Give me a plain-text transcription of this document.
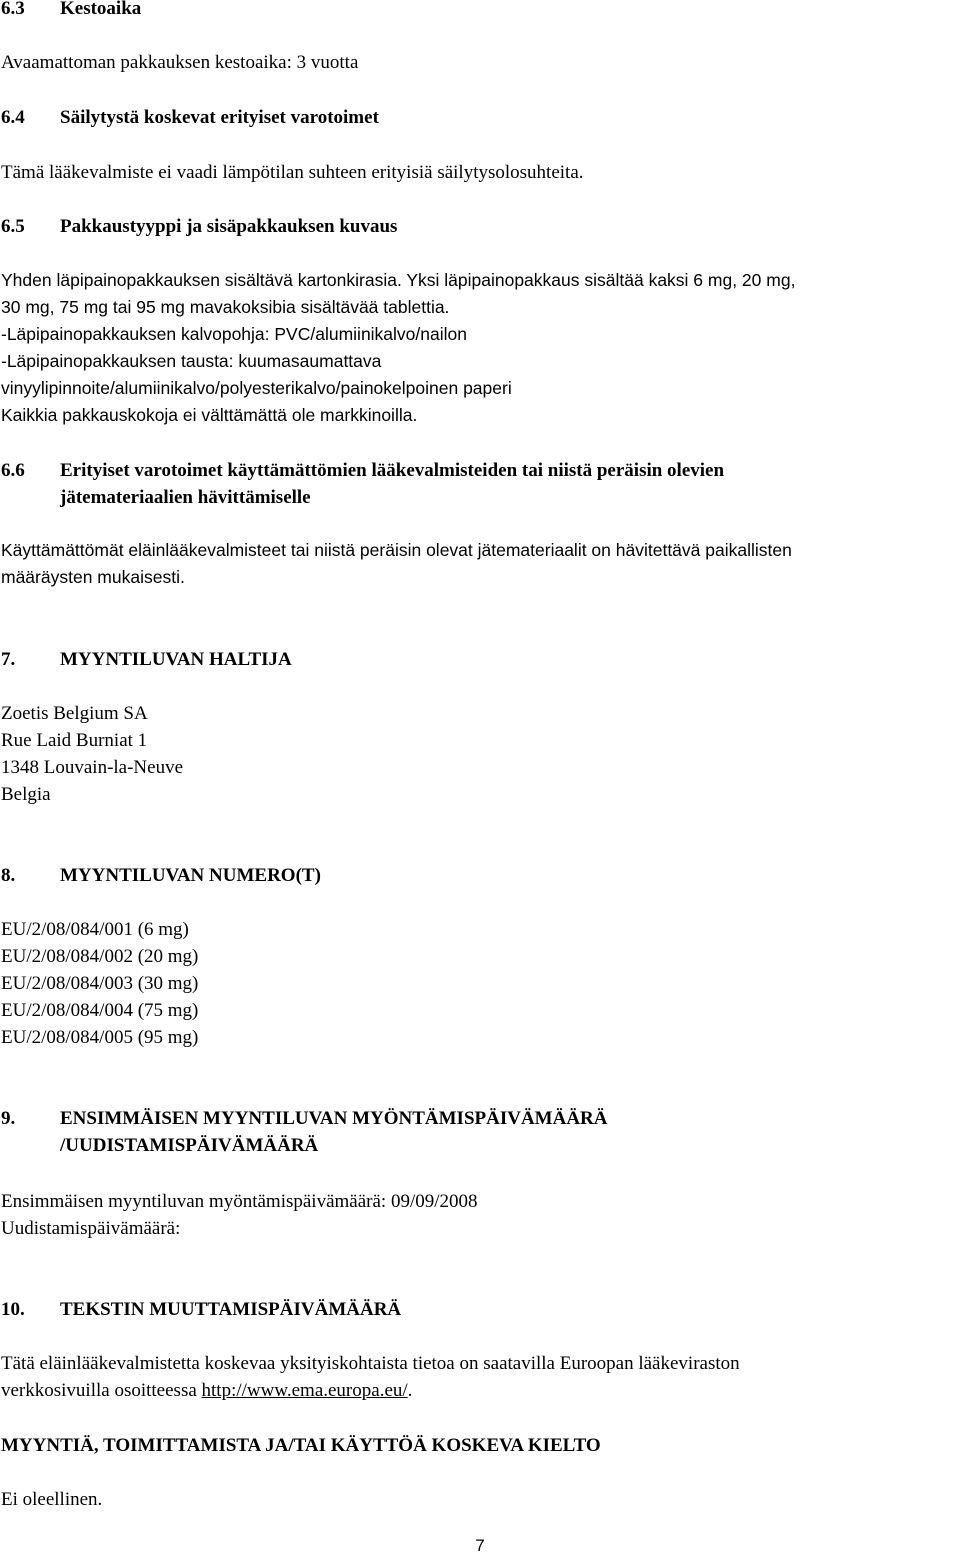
6.3 Kestoaika
Avaamattoman pakkauksen kestoaika: 3 vuotta
6.4 Säilytystä koskevat erityiset varotoimet
Tämä lääkevalmiste ei vaadi lämpötilan suhteen erityisiä säilytysolosuhteita.
6.5 Pakkaustyyppi ja sisäpakkauksen kuvaus
Yhden läpipainopakkauksen sisältävä kartonkirasia. Yksi läpipainopakkaus sisältää kaksi 6 mg, 20 mg,
30 mg, 75 mg tai 95 mg mavakoksibia sisältävää tablettia.
-Läpipainopakkauksen kalvopohja: PVC/alumiinikalvo/nailon
-Läpipainopakkauksen tausta: kuumasaumattava
vinyylipinnoite/alumiinikalvo/polyesterikalvo/painokelpoinen paperi
Kaikkia pakkauskokoja ei välttämättä ole markkinoilla.
6.6 Erityiset varotoimet käyttämättömien lääkevalmisteiden tai niistä peräisin olevien
jätemateriaalien hävittämiselle
Käyttämättömät eläinlääkevalmisteet tai niistä peräisin olevat jätemateriaalit on hävitettävä paikallisten
määräysten mukaisesti.
7. MYYNTILUVAN HALTIJA
Zoetis Belgium SA
Rue Laid Burniat 1
1348 Louvain-la-Neuve
Belgia
8. MYYNTILUVAN NUMERO(T)
EU/2/08/084/001 (6 mg)
EU/2/08/084/002 (20 mg)
EU/2/08/084/003 (30 mg)
EU/2/08/084/004 (75 mg)
EU/2/08/084/005 (95 mg)
9. ENSIMMÄISEN MYYNTILUVAN MYÖNTÄMISPÄIVÄMÄÄRÄ
/UUDISTAMISPÄIVÄMÄÄRÄ
Ensimmäisen myyntiluvan myöntämispäivämäärä: 09/09/2008
Uudistamispäivämäärä:
10. TEKSTIN MUUTTAMISPÄIVÄMÄÄRÄ
Tätä eläinlääkevalmistetta koskevaa yksityiskohtaista tietoa on saatavilla Euroopan lääkeviraston
verkkosivuilla osoitteessa http://www.ema.europa.eu/.
MYYNTIÄ, TOIMITTAMISTA JA/TAI KÄYTTÖÄ KOSKEVA KIELTO
Ei oleellinen.
7
